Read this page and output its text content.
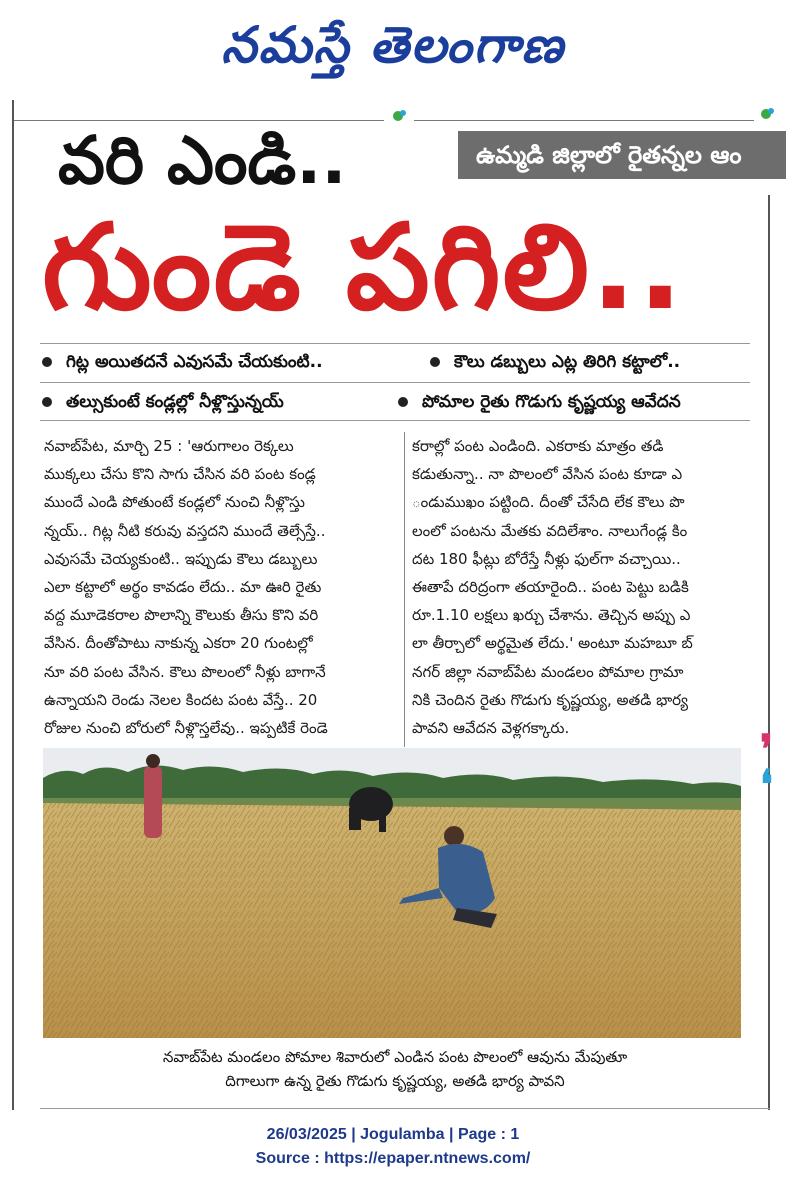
నమస్తే తెలంగాణ
ఉమ్మడి జిల్లాలో రైతన్నల ఆం
వరి ఎండి..
గుండె పగిలి..
గిట్ల అయితదనే ఎవుసమే చేయకుంటి..	కౌలు డబ్బులు ఎట్ల తిరిగి కట్టాలో..
తల్సుకుంటే కండ్లల్లో నీళ్లొస్తున్నయ్	పోమాల రైతు గొడుగు కృష్ణయ్య ఆవేదన

నవాబ్‌పేట, మార్చి 25 : 'ఆరుగాలం రెక్కలు

ముక్కలు చేసు కొని సాగు చేసిన వరి పంట కండ్ల

ముందే ఎండి పోతుంటే కండ్లలో నుంచి నీళ్లొస్తు

న్నయ్.. గిట్ల నీటి కరువు వస్తదని ముందే తెల్సేస్తే..

ఎవుసమే చెయ్యకుంటి.. ఇప్పుడు కౌలు డబ్బులు

ఎలా కట్టాలో అర్థం కావడం లేదు.. మా ఊరి రైతు

వద్ద మూడెకరాల పొలాన్ని కౌలుకు తీసు కొని వరి

వేసిన. దీంతోపాటు నాకున్న ఎకరా 20 గుంటల్లో

నూ వరి పంట వేసిన. కౌలు పొలంలో నీళ్లు బాగానే

ఉన్నాయని రెండు నెలల కిందట పంట వేస్తే.. 20

రోజుల నుంచి బోరులో నీళ్లొస్తలేవు.. ఇప్పటికే రెండె

కరాల్లో పంట ఎండింది. ఎకరాకు మాత్రం తడి

కడుతున్నా.. నా పొలంలో వేసిన పంట కూడా ఎ

ండుముఖం పట్టింది. దీంతో చేసేది లేక కౌలు పొ

లంలో పంటను మేతకు వదిలేశాం. నాలుగేండ్ల కిం

దట 180 ఫీట్లు బోరేస్తే నీళ్లు ఫుల్‌గా వచ్చాయి..

ఈతాపే దరిద్రంగా తయారైంది.. పంట పెట్టు బడికి

రూ.1.10 లక్షలు ఖర్చు చేశాను. తెచ్చిన అప్పు ఎ

లా తీర్చాలో అర్థమైత లేదు.' అంటూ మహబూ బ్

నగర్ జిల్లా నవాబ్‌పేట మండలం పోమాల గ్రామా

నికి చెందిన రైతు గొడుగు కృష్ణయ్య, అతడి భార్య

పావని ఆవేదన వెళ్లగక్కారు.	❜
❛
నవాబ్‌పేట మండలం పోమాల శివారులో ఎండిన పంట పొలంలో ఆవును మేపుతూ
దిగాలుగా ఉన్న రైతు గొడుగు కృష్ణయ్య, అతడి భార్య పావని
26/03/2025 | Jogulamba | Page : 1
Source : https://epaper.ntnews.com/
